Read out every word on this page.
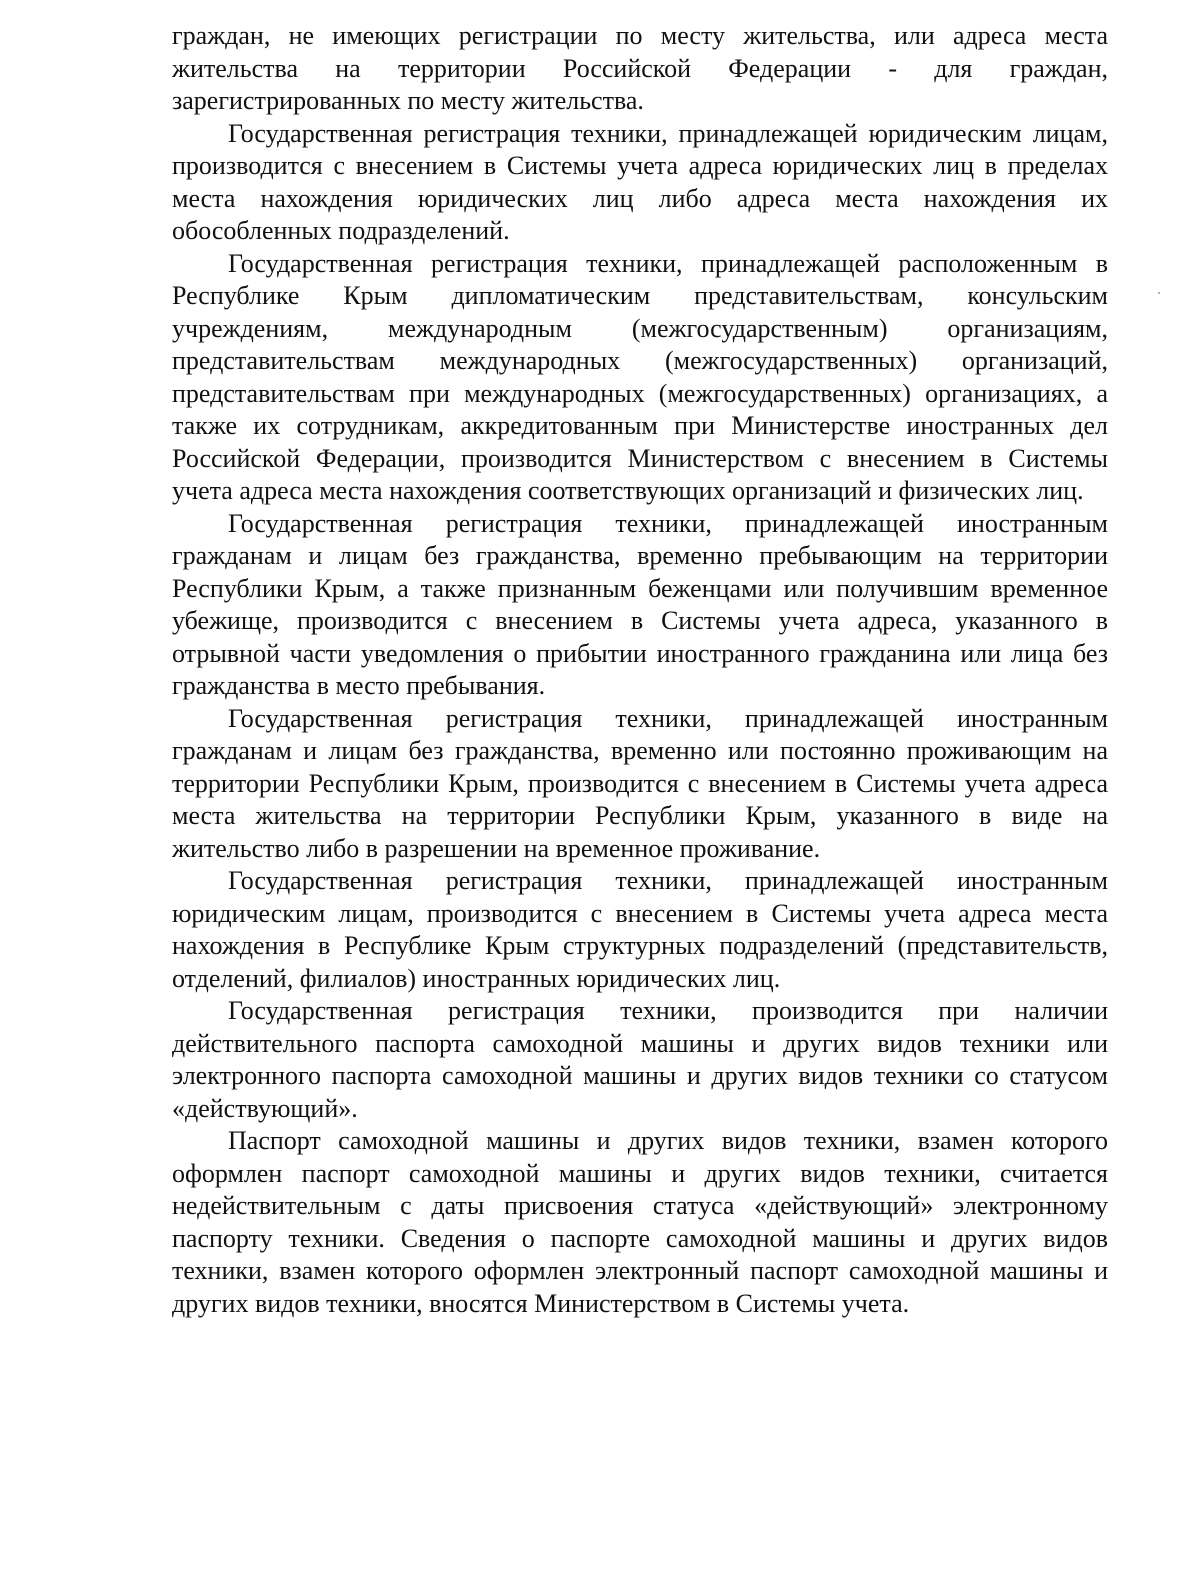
граждан, не имеющих регистрации по месту жительства, или адреса места жительства на территории Российской Федерации - для граждан, зарегистрированных по месту жительства.

Государственная регистрация техники, принадлежащей юридическим лицам, производится с внесением в Системы учета адреса юридических лиц в пределах места нахождения юридических лиц либо адреса места нахождения их обособленных подразделений.

Государственная регистрация техники, принадлежащей расположенным в Республике Крым дипломатическим представительствам, консульским учреждениям, международным (межгосударственным) организациям, представительствам международных (межгосударственных) организаций, представительствам при международных (межгосударственных) организациях, а также их сотрудникам, аккредитованным при Министерстве иностранных дел Российской Федерации, производится Министерством с внесением в Системы учета адреса места нахождения соответствующих организаций и физических лиц.

Государственная регистрация техники, принадлежащей иностранным гражданам и лицам без гражданства, временно пребывающим на территории Республики Крым, а также признанным беженцами или получившим временное убежище, производится с внесением в Системы учета адреса, указанного в отрывной части уведомления о прибытии иностранного гражданина или лица без гражданства в место пребывания.

Государственная регистрация техники, принадлежащей иностранным гражданам и лицам без гражданства, временно или постоянно проживающим на территории Республики Крым, производится с внесением в Системы учета адреса места жительства на территории Республики Крым, указанного в виде на жительство либо в разрешении на временное проживание.

Государственная регистрация техники, принадлежащей иностранным юридическим лицам, производится с внесением в Системы учета адреса места нахождения в Республике Крым структурных подразделений (представительств, отделений, филиалов) иностранных юридических лиц.

Государственная регистрация техники, производится при наличии действительного паспорта самоходной машины и других видов техники или электронного паспорта самоходной машины и других видов техники со статусом «действующий».

Паспорт самоходной машины и других видов техники, взамен которого оформлен паспорт самоходной машины и других видов техники, считается недействительным с даты присвоения статуса «действующий» электронному паспорту техники. Сведения о паспорте самоходной машины и других видов техники, взамен которого оформлен электронный паспорт самоходной машины и других видов техники, вносятся Министерством в Системы учета.
